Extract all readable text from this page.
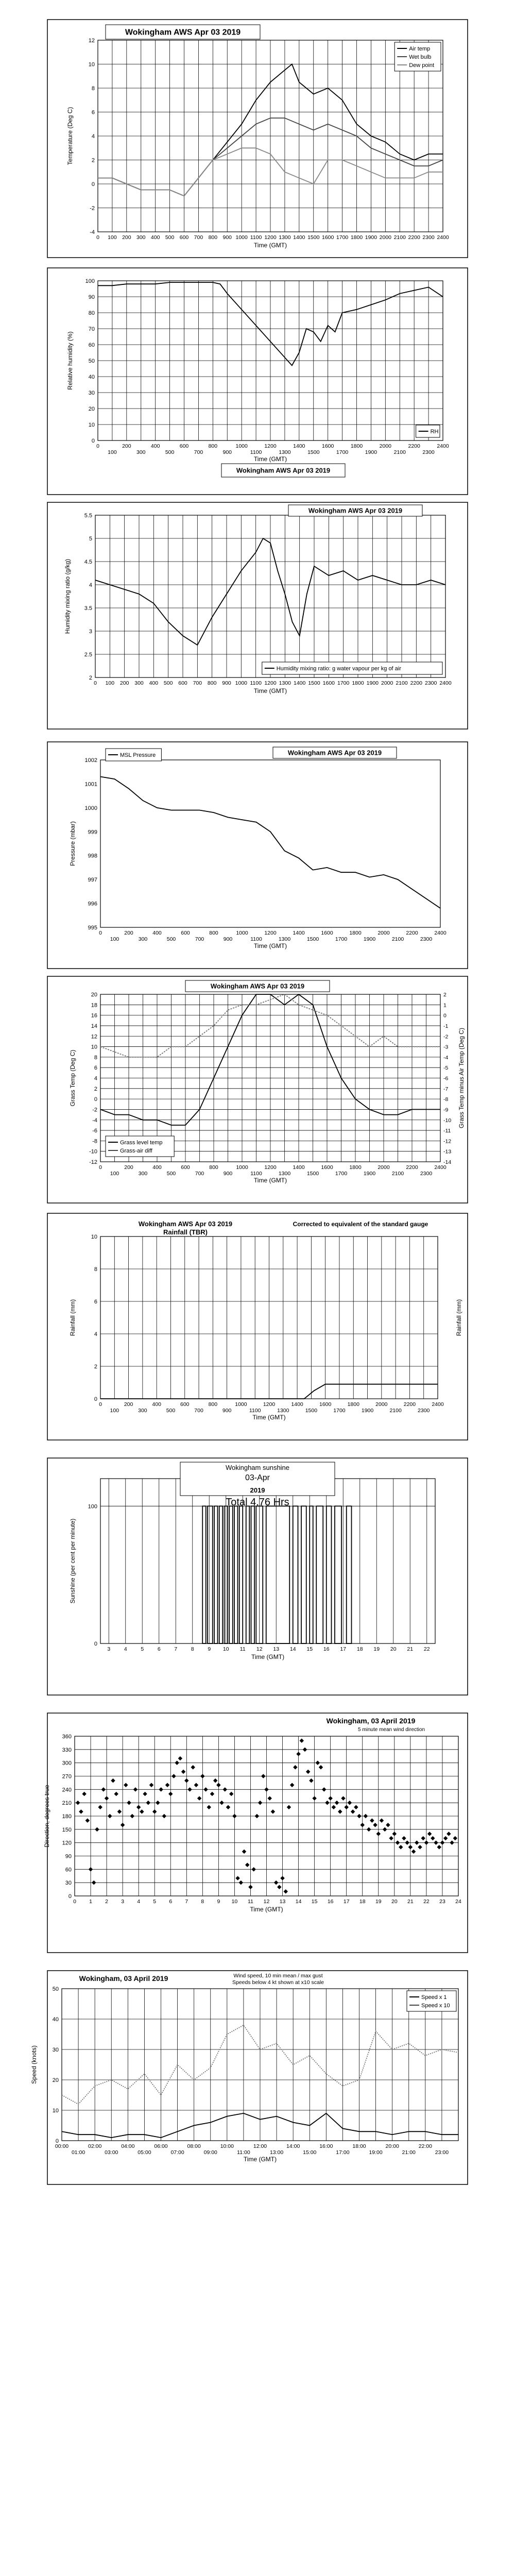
-4
-2
0
2
4
6
8
10
12
0 100 200 300 400 500 600 700 800 900 1000 1100 1200 1300 1400 1500 1600 1700 1800 1900 2000 2100 2200 2300 2400
Time (GMT)
Temperature (Deg C)
Air temp
Wet bulb
Dew point
Wokingham AWS Apr 03 2019
0
10
20
30
40
50
60
70
80
90
100
0	200	400	600	800	1000	1200	1400	1600	1800	2000	2200	2400
100	300	500	700	900	1100	1300	1500	1700	1900	2100	2300
Time (GMT)
Relative humidity (%)
RH
Wokingham AWS Apr 03 2019
2
2.5
3
3.5
4
4.5
5
5.5
0 100 200 300 400 500 600 700 800 900 1000 1100 1200 1300 1400 1500 1600 1700 1800 1900 2000 2100 2200 2300 2400
Time (GMT)
Humidity mixing ratio (g/kg)
Humidity mixing ratio: g water vapour per kg of air
Wokingham AWS Apr 03 2019
995
996
997
998
999
1000
1001
1002
0	200	400	600	800	1000	1200	1400	1600	1800	2000	2200	2400
100	300	500	700	900	1100	1300	1500	1700	1900	2100	2300
Time (GMT)
Pressure (mbar)
MSL Pressure	Wokingham AWS Apr 03 2019
-12
-10
-8
-6
-4
-2
0
2
4
6
8
10
12
14
16
18
20
0	200	400	600	800	1000	1200	1400	1600	1800	2000	2200	2400
100	300	500	700	900	1100	1300	1500	1700	1900	2100	2300
Time (GMT)
Grass Temp (Deg C)	Grass Temp minus Air Temp (Deg C)
-14
-13
-12
-11
-10
-9
-8
-7
-6
-5
-4
-3
-2
-1
0
1
2
Grass level temp
Grass-air diff
Wokingham AWS Apr 03 2019
0
2
4
6
8
10
0	200	400	600	800	1000	1200	1400	1600	1800	2000	2200	2400
100	300	500	700	900	1100	1300	1500	1700	1900	2100	2300
Time (GMT)
Rainfall (mm)	Rainfall (mm)
Wokingham AWS Apr 03 2019
Rainfall (TBR)
Corrected to equivalent of the standard gauge
0
100
3	4	5	6	7	8	9 10 11 12 13 14 15 16 17 18 19 20 21 22
Time (GMT)
Sunshine (per cent per minute)
Wokingham sunshine
03-Apr
2019
Total 4.76 Hrs
0
30
60
90
120
150
180
210
240
270
300
330
360
0 1 2 3 4 5 6 7 8 9 10 11 12 13 14 15 16 17 18 19 20 21 22 23 24
Time (GMT)
Direction, degrees true
Wokingham, 03 April 2019
5 minute mean wind direction
0
10
20
30
40
50
00:00	02:00	04:00	06:00	08:00	10:00	12:00	14:00	16:00	18:00	20:00	22:00
01:00	03:00	05:00	07:00	09:00	11:00	13:00	15:00	17:00	19:00	21:00	23:00
Time (GMT)
Speed (knots)
Speed x 1
Speed x 10
Wokingham, 03 April 2019	Wind speed, 10 min mean / max gust
Speeds below 4 kt shown at x10 scale
